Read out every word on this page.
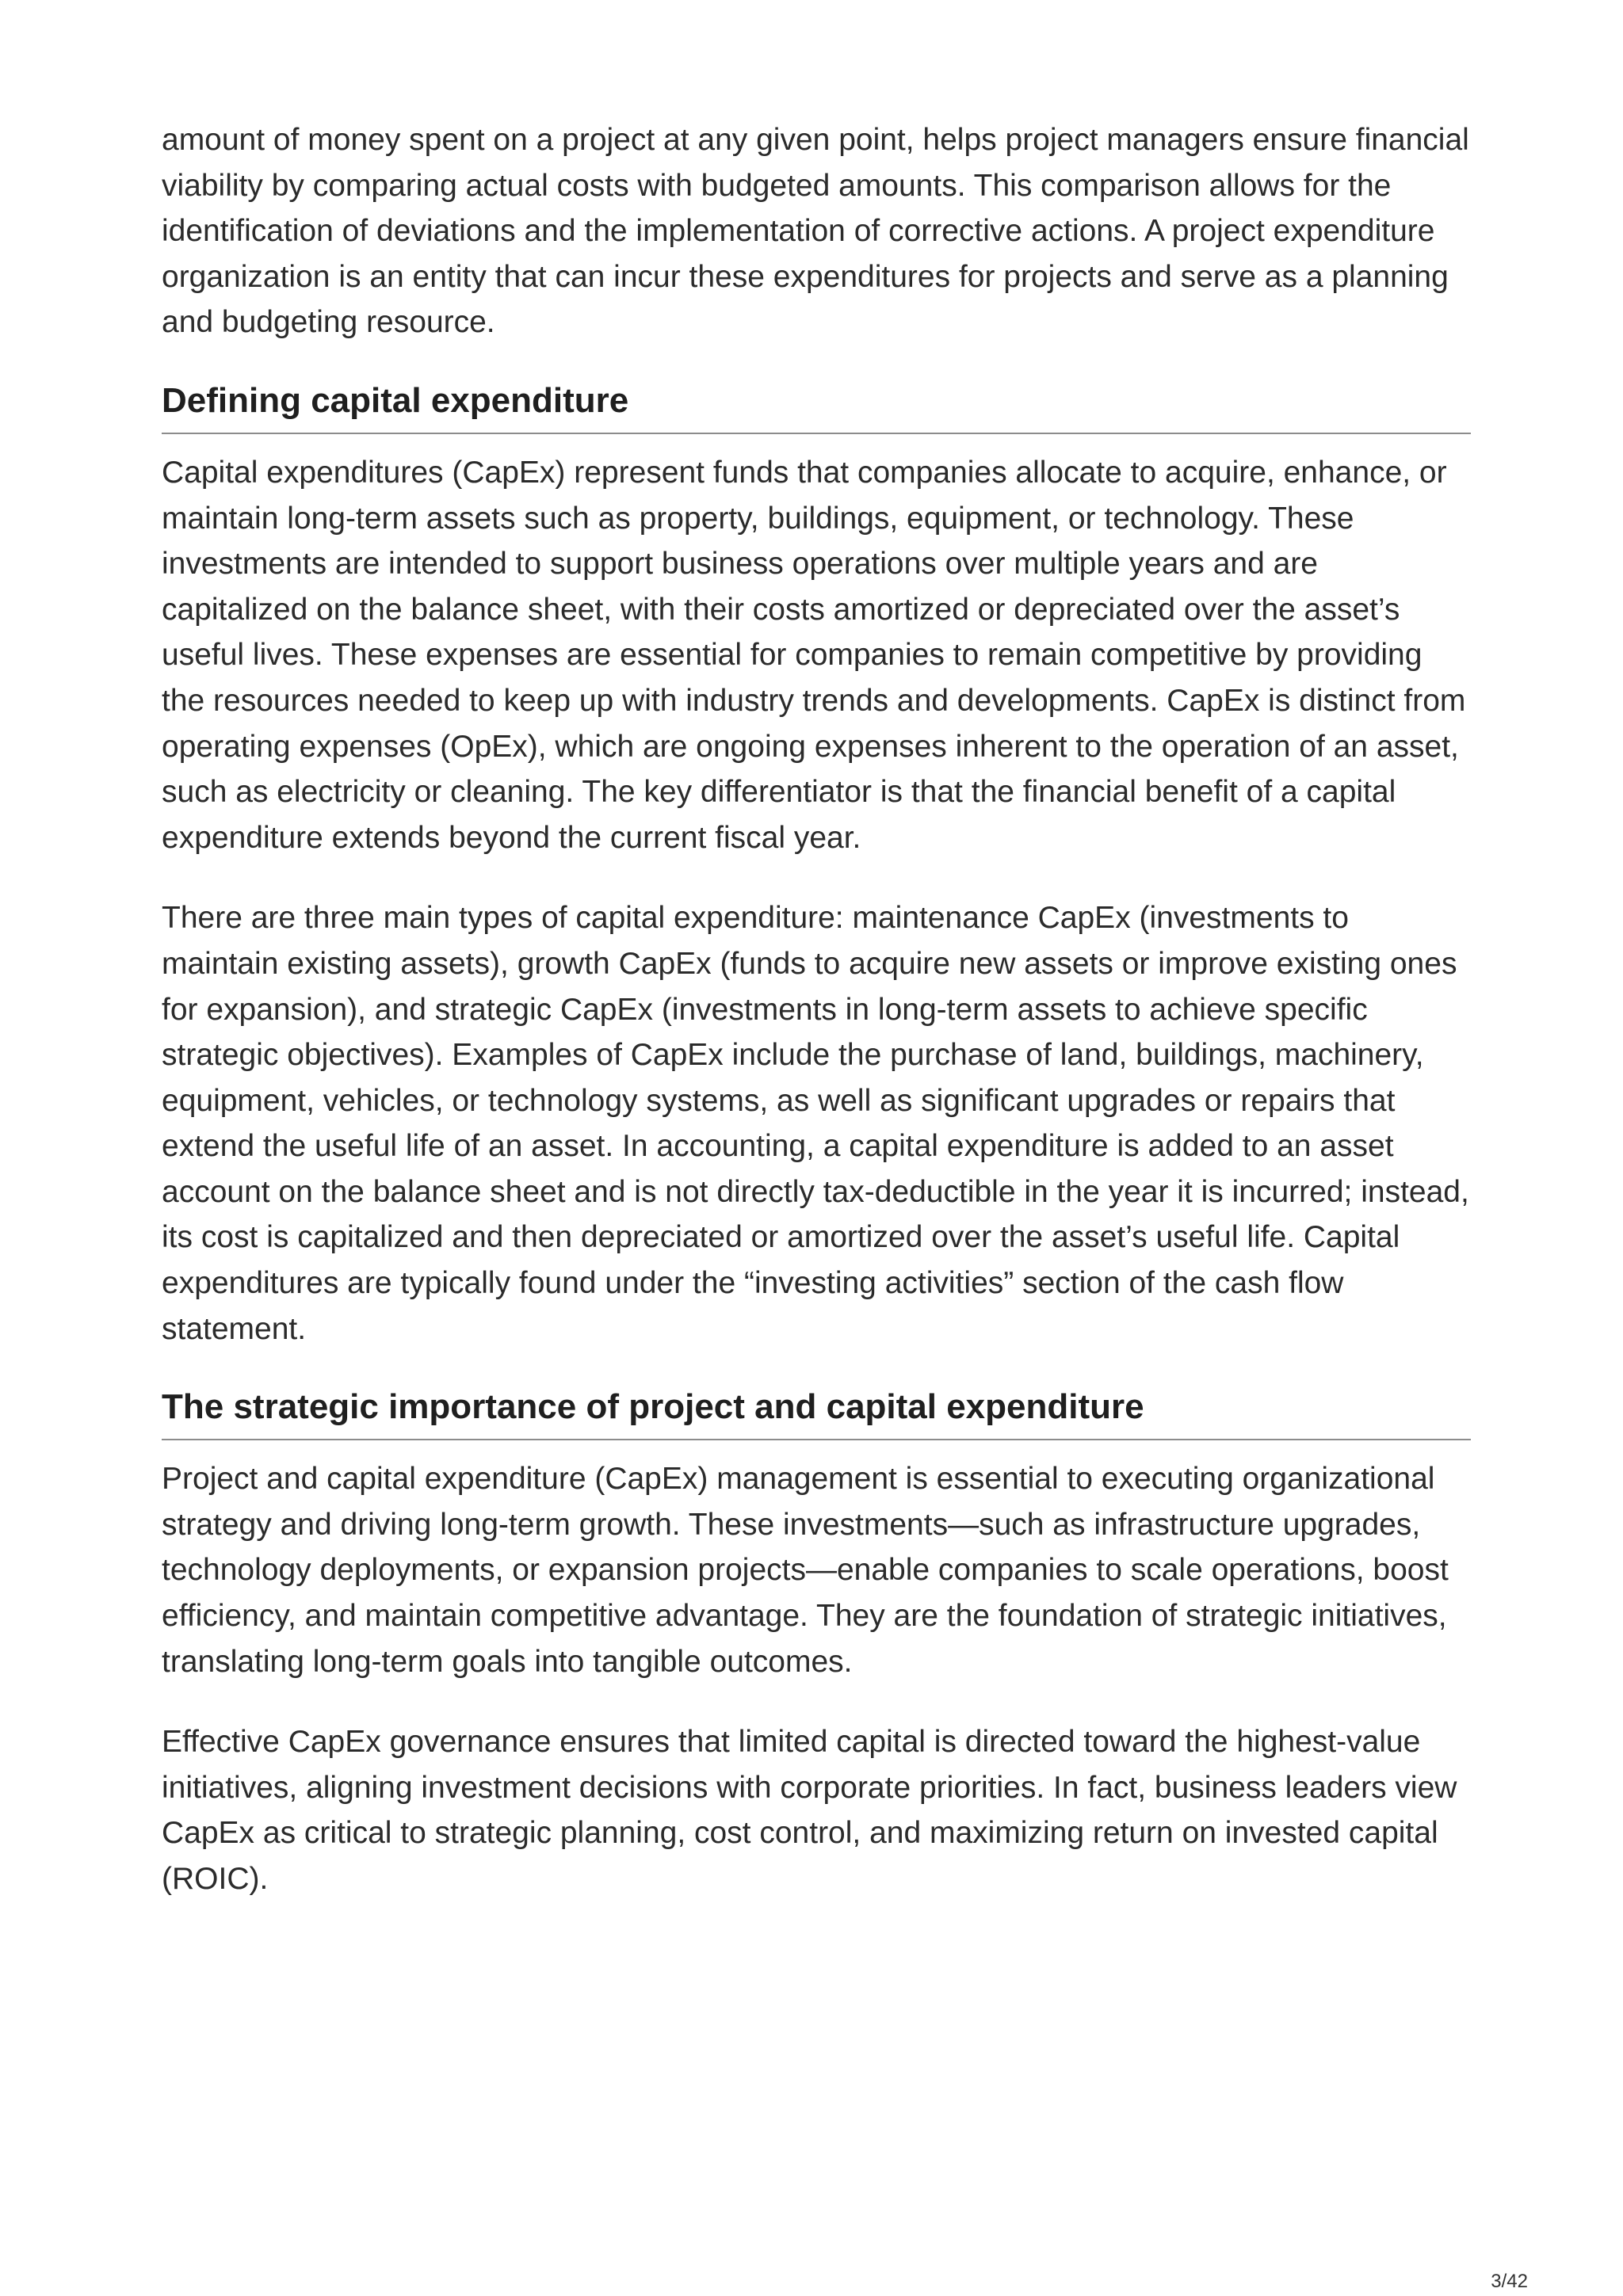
amount of money spent on a project at any given point, helps project managers ensure financial viability by comparing actual costs with budgeted amounts. This comparison allows for the identification of deviations and the implementation of corrective actions. A project expenditure organization is an entity that can incur these expenditures for projects and serve as a planning and budgeting resource.

Defining capital expenditure

Capital expenditures (CapEx) represent funds that companies allocate to acquire, enhance, or maintain long-term assets such as property, buildings, equipment, or technology. These investments are intended to support business operations over multiple years and are capitalized on the balance sheet, with their costs amortized or depreciated over the asset’s useful lives. These expenses are essential for companies to remain competitive by providing the resources needed to keep up with industry trends and developments. CapEx is distinct from operating expenses (OpEx), which are ongoing expenses inherent to the operation of an asset, such as electricity or cleaning. The key differentiator is that the financial benefit of a capital expenditure extends beyond the current fiscal year.

There are three main types of capital expenditure: maintenance CapEx (investments to maintain existing assets), growth CapEx (funds to acquire new assets or improve existing ones for expansion), and strategic CapEx (investments in long-term assets to achieve specific strategic objectives). Examples of CapEx include the purchase of land, buildings, machinery, equipment, vehicles, or technology systems, as well as significant upgrades or repairs that extend the useful life of an asset. In accounting, a capital expenditure is added to an asset account on the balance sheet and is not directly tax-deductible in the year it is incurred; instead, its cost is capitalized and then depreciated or amortized over the asset’s useful life. Capital expenditures are typically found under the “investing activities” section of the cash flow statement.

The strategic importance of project and capital expenditure

Project and capital expenditure (CapEx) management is essential to executing organizational strategy and driving long-term growth. These investments—such as infrastructure upgrades, technology deployments, or expansion projects—enable companies to scale operations, boost efficiency, and maintain competitive advantage. They are the foundation of strategic initiatives, translating long-term goals into tangible outcomes.

Effective CapEx governance ensures that limited capital is directed toward the highest-value initiatives, aligning investment decisions with corporate priorities. In fact, business leaders view CapEx as critical to strategic planning, cost control, and maximizing return on invested capital (ROIC).

3/42
